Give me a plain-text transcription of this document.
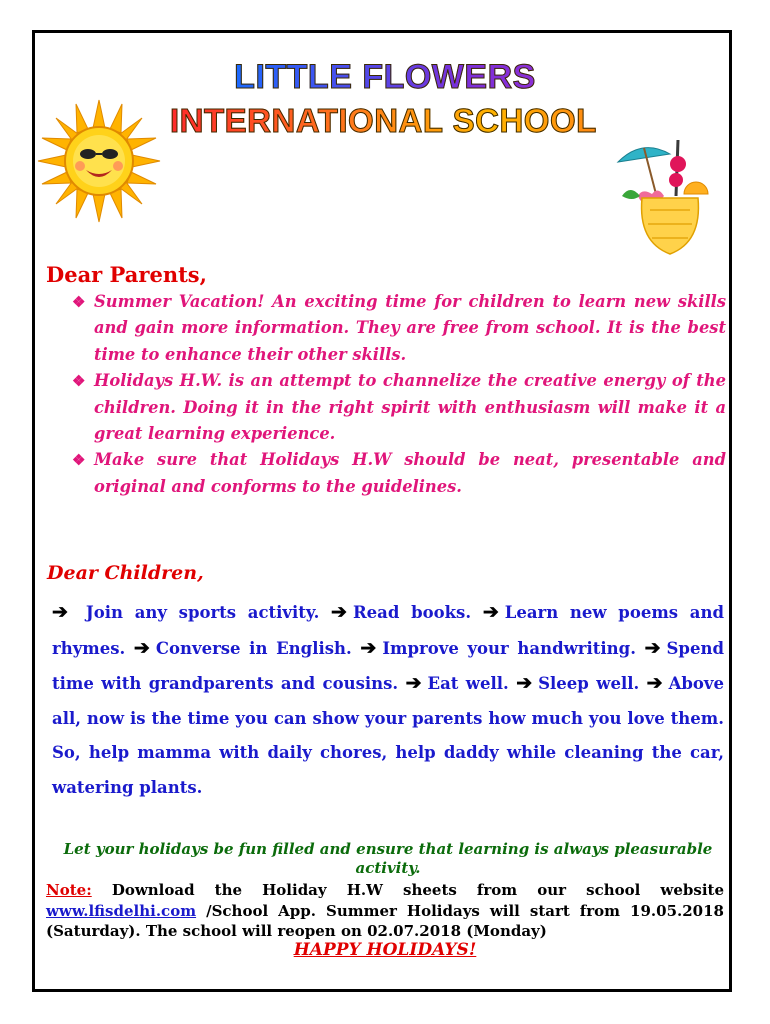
LITTLE FLOWERS
INTERNATIONAL SCHOOL
Dear Parents,
❖ Summer Vacation! An exciting time for children to learn new skills and gain more information. They are free from school. It is the best time to enhance their other skills.
❖ Holidays H.W. is an attempt to channelize the creative energy of the children. Doing it in the right spirit with enthusiasm will make it a great learning experience.
❖ Make sure that Holidays H.W should be neat, presentable and original and conforms to the guidelines.
Dear Children,

➔ Join any sports activity. ➔ Read books. ➔ Learn new poems and rhymes. ➔ Converse in English. ➔ Improve your handwriting. ➔ Spend time with grandparents and cousins. ➔ Eat well. ➔ Sleep well. ➔ Above all, now is the time you can show your parents how much you love them. So, help mamma with daily chores, help daddy while cleaning the car, watering plants.

Let your holidays be fun filled and ensure that learning is always pleasurable activity.

Note: Download the Holiday H.W sheets from our school website www.lfisdelhi.com /School App. Summer Holidays will start from 19.05.2018 (Saturday). The school will reopen on 02.07.2018 (Monday)

HAPPY HOLIDAYS!
